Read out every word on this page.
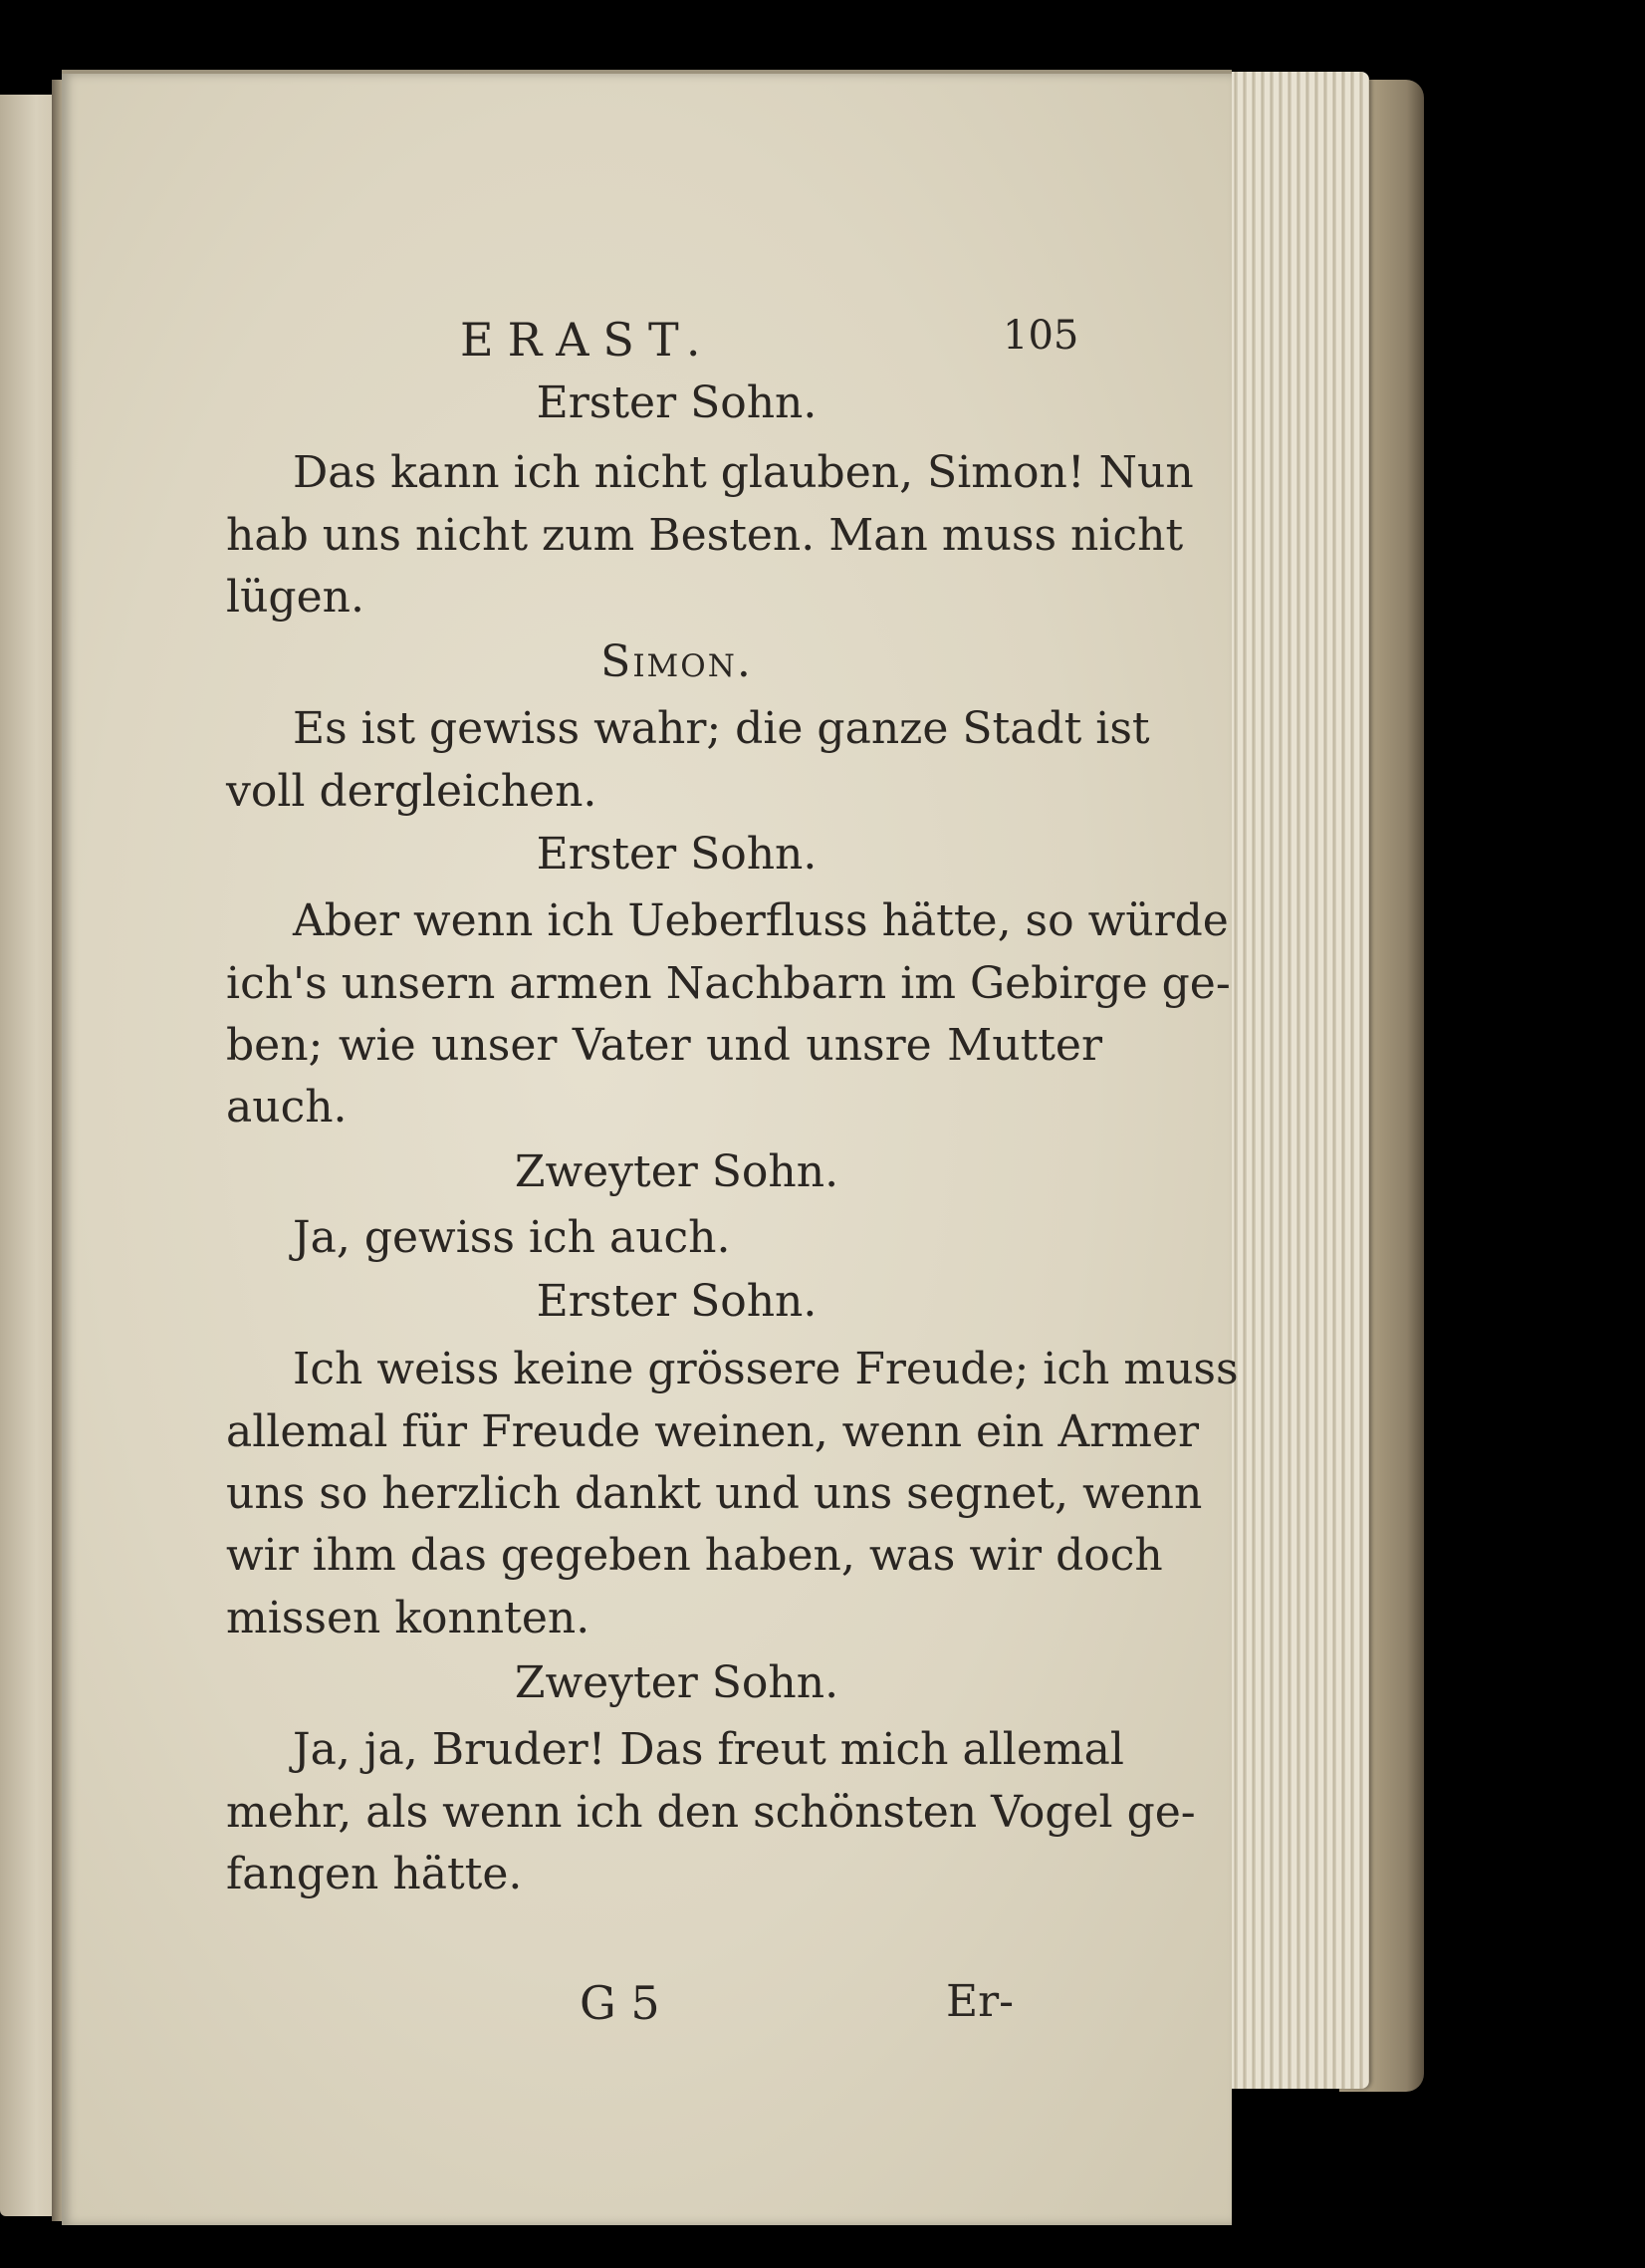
ERAST.	105
Erster Sohn.
Das kann ich nicht glauben, Simon! Nun
hab uns nicht zum Besten. Man muss nicht
lügen.
Simon.
Es ist gewiss wahr; die ganze Stadt ist
voll dergleichen.
Erster Sohn.
Aber wenn ich Ueberfluss hätte, so würde
ich's unsern armen Nachbarn im Gebirge ge-
ben; wie unser Vater und unsre Mutter
auch.
Zweyter Sohn.
Ja, gewiss ich auch.
Erster Sohn.
Ich weiss keine grössere Freude; ich muss
allemal für Freude weinen, wenn ein Armer
uns so herzlich dankt und uns segnet, wenn
wir ihm das gegeben haben, was wir doch
missen konnten.
Zweyter Sohn.
Ja, ja, Bruder! Das freut mich allemal
mehr, als wenn ich den schönsten Vogel ge-
fangen hätte.
G 5	Er-
